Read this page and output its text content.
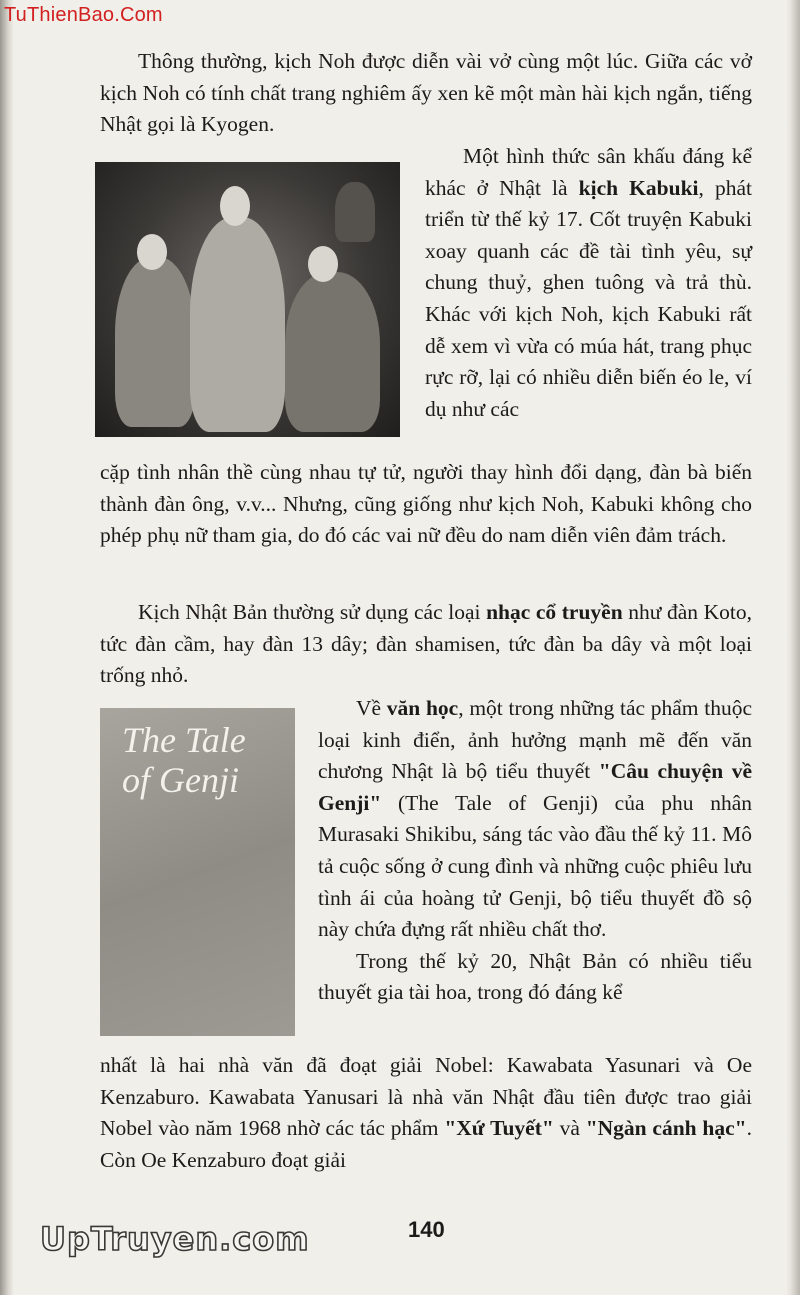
TuThienBao.Com

Thông thường, kịch Noh được diễn vài vở cùng một lúc. Giữa các vở kịch Noh có tính chất trang nghiêm ấy xen kẽ một màn hài kịch ngắn, tiếng Nhật gọi là Kyogen.

Một hình thức sân khấu đáng kể khác ở Nhật là kịch Kabuki, phát triển từ thế kỷ 17. Cốt truyện Kabuki xoay quanh các đề tài tình yêu, sự chung thuỷ, ghen tuông và trả thù. Khác với kịch Noh, kịch Kabuki rất dễ xem vì vừa có múa hát, trang phục rực rỡ, lại có nhiều diễn biến éo le, ví dụ như các

cặp tình nhân thề cùng nhau tự tử, người thay hình đổi dạng, đàn bà biến thành đàn ông, v.v... Nhưng, cũng giống như kịch Noh, Kabuki không cho phép phụ nữ tham gia, do đó các vai nữ đều do nam diễn viên đảm trách.

Kịch Nhật Bản thường sử dụng các loại nhạc cổ truyền như đàn Koto, tức đàn cầm, hay đàn 13 dây; đàn shamisen, tức đàn ba dây và một loại trống nhỏ.

The Tale of Genji

Về văn học, một trong những tác phẩm thuộc loại kinh điển, ảnh hưởng mạnh mẽ đến văn chương Nhật là bộ tiểu thuyết "Câu chuyện về Genji" (The Tale of Genji) của phu nhân Murasaki Shikibu, sáng tác vào đầu thế kỷ 11. Mô tả cuộc sống ở cung đình và những cuộc phiêu lưu tình ái của hoàng tử Genji, bộ tiểu thuyết đồ sộ này chứa đựng rất nhiều chất thơ.

Trong thế kỷ 20, Nhật Bản có nhiều tiểu thuyết gia tài hoa, trong đó đáng kể

nhất là hai nhà văn đã đoạt giải Nobel: Kawabata Yasunari và Oe Kenzaburo. Kawabata Yanusari là nhà văn Nhật đầu tiên được trao giải Nobel vào năm 1968 nhờ các tác phẩm "Xứ Tuyết" và "Ngàn cánh hạc". Còn Oe Kenzaburo đoạt giải

140
UpTruyen.com
